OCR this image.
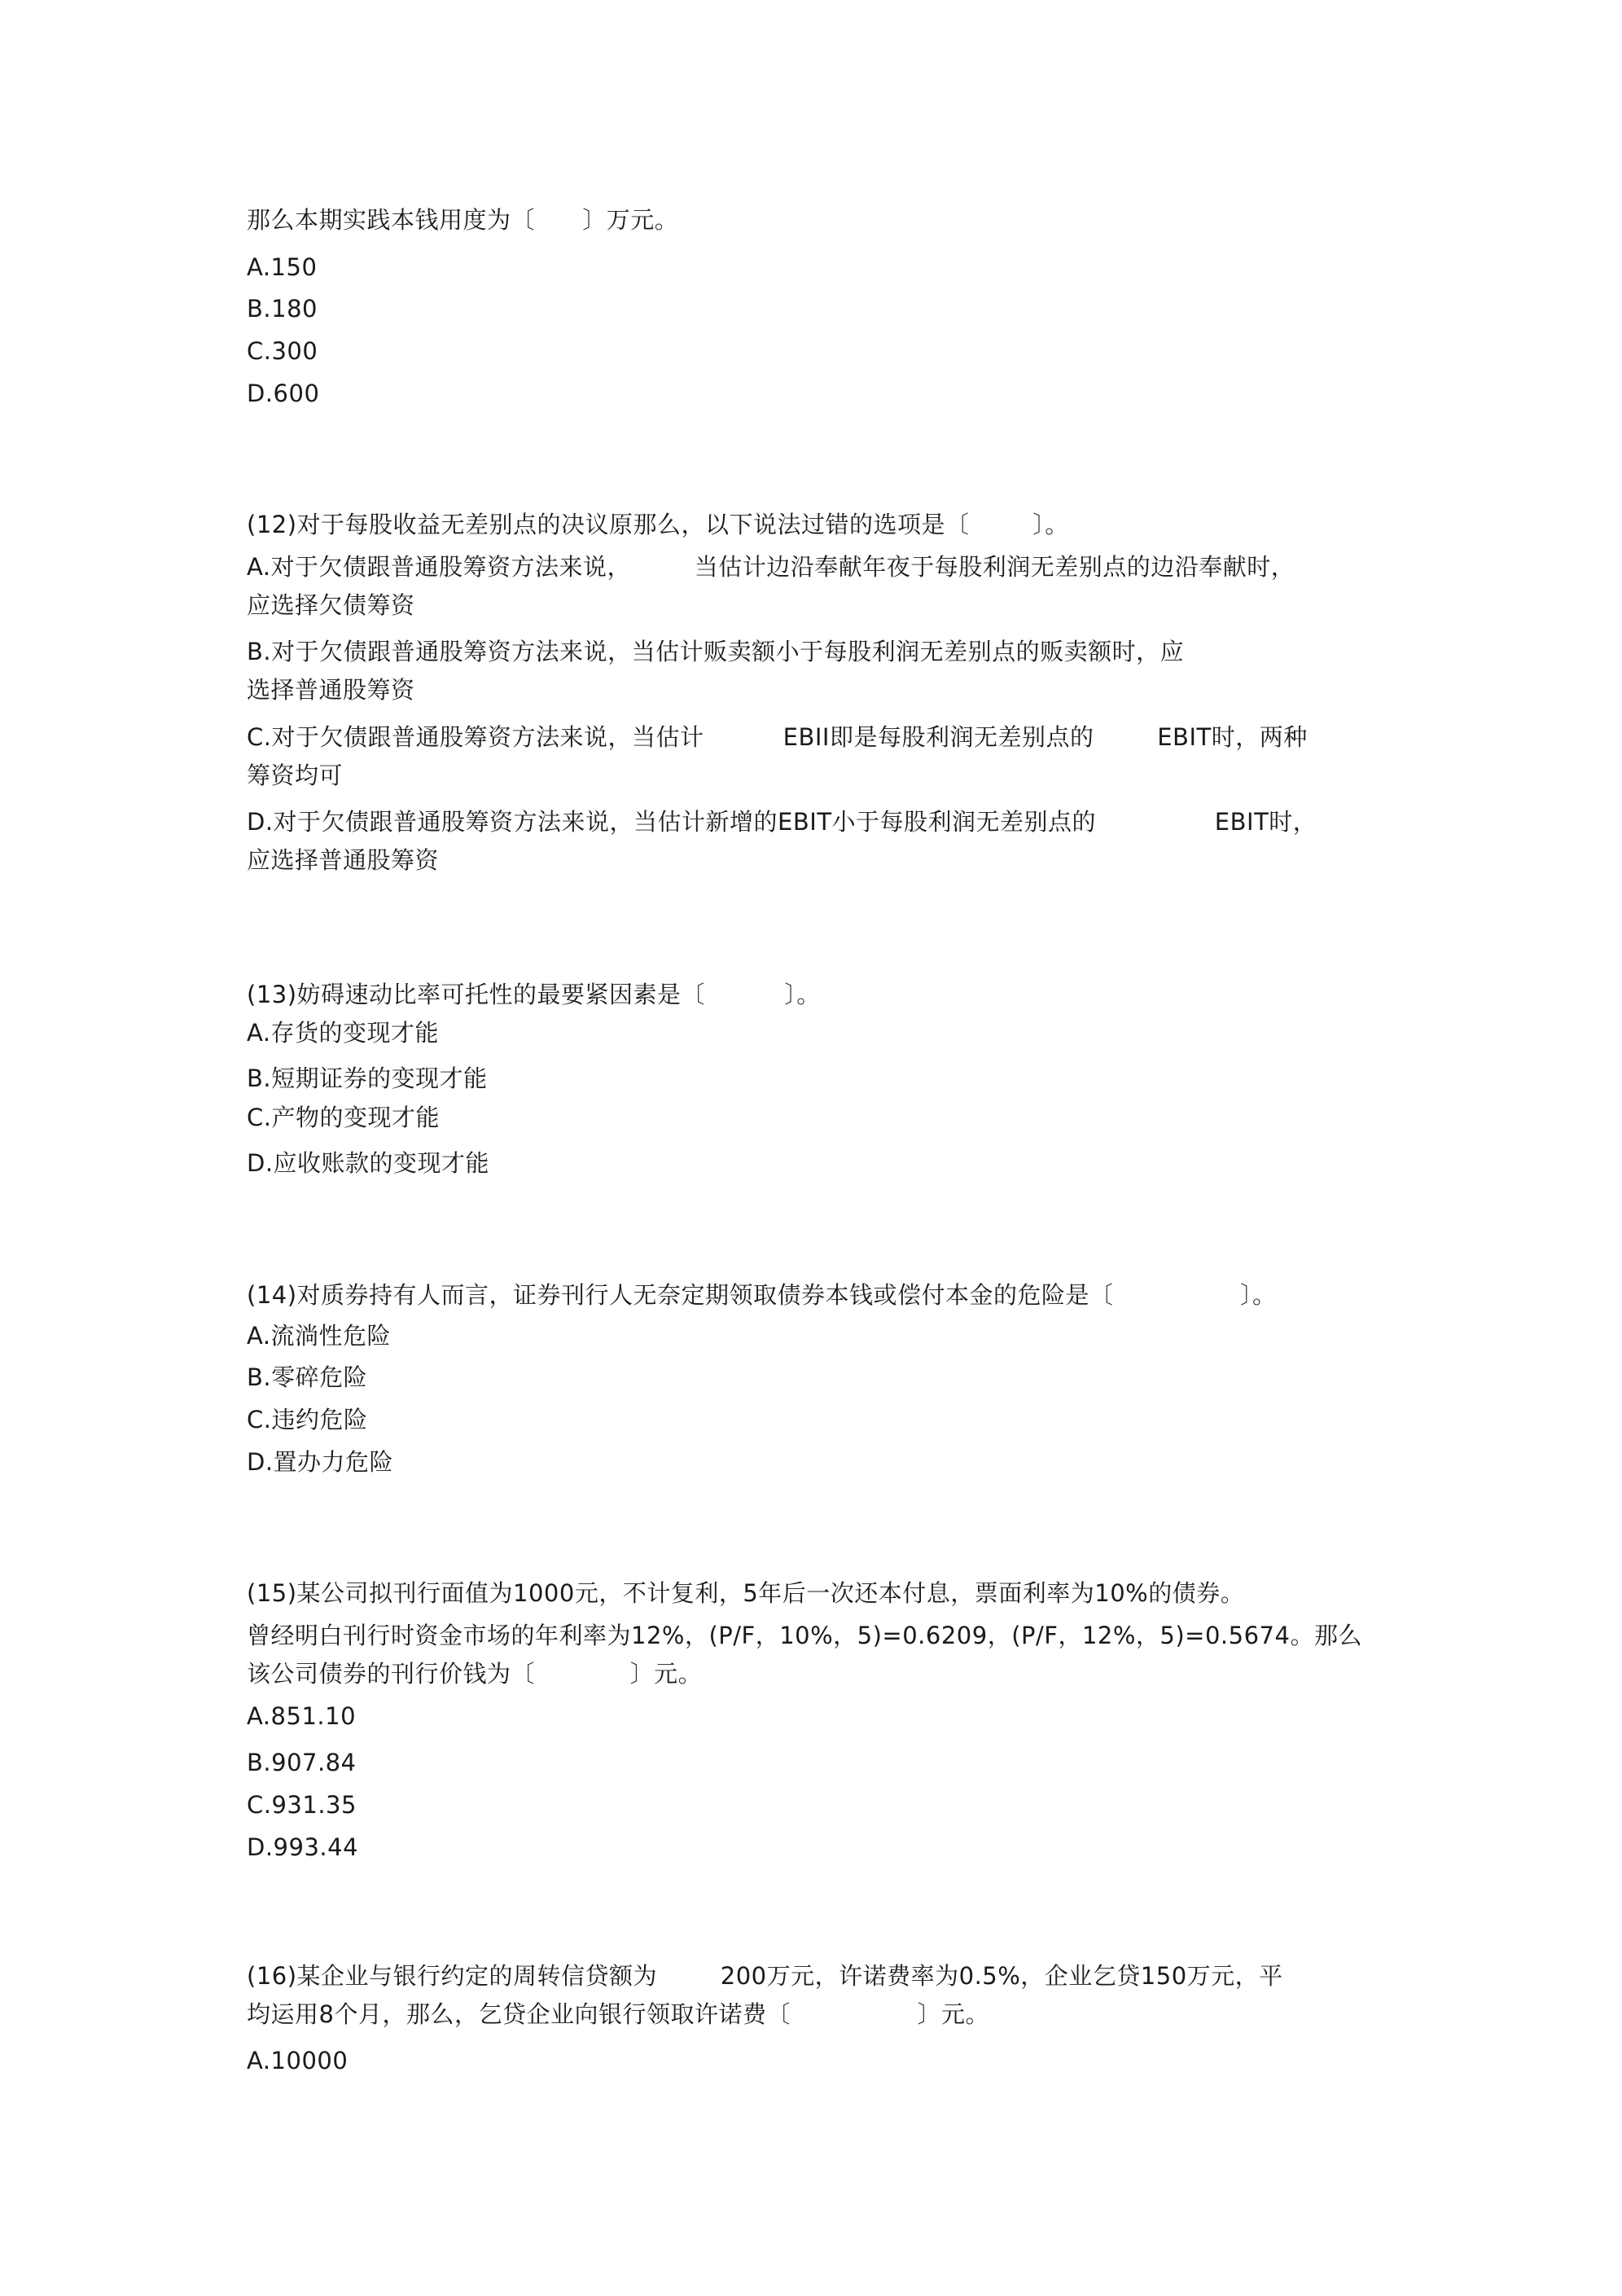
那么本期实践本钱用度为〔      〕万元。
A.150
B.180
C.300
D.600
(12)对于每股收益无差别点的决议原那么，以下说法过错的选项是〔        〕。
A.对于欠债跟普通股筹资方法来说，        当估计边沿奉献年夜于每股利润无差别点的边沿奉献时，
应选择欠债筹资
B.对于欠债跟普通股筹资方法来说，当估计贩卖额小于每股利润无差别点的贩卖额时，应
选择普通股筹资
C.对于欠债跟普通股筹资方法来说，当估计          EBII即是每股利润无差别点的        EBIT时，两种
筹资均可
D.对于欠债跟普通股筹资方法来说，当估计新增的EBIT小于每股利润无差别点的               EBIT时，
应选择普通股筹资
(13)妨碍速动比率可托性的最要紧因素是〔          〕。
A.存货的变现才能
B.短期证券的变现才能
C.产物的变现才能
D.应收账款的变现才能
(14)对质券持有人而言，证券刊行人无奈定期领取债券本钱或偿付本金的危险是〔                〕。
A.流淌性危险
B.零碎危险
C.违约危险
D.置办力危险
(15)某公司拟刊行面值为1000元，不计复利，5年后一次还本付息，票面利率为10%的债券。
曾经明白刊行时资金市场的年利率为12%，(P/F，10%，5)=0.6209，(P/F，12%，5)=0.5674。那么
该公司债券的刊行价钱为〔            〕元。
A.851.10
B.907.84
C.931.35
D.993.44
(16)某企业与银行约定的周转信贷额为        200万元，许诺费率为0.5%，企业乞贷150万元，平
均运用8个月，那么，乞贷企业向银行领取许诺费〔                〕元。
A.10000
